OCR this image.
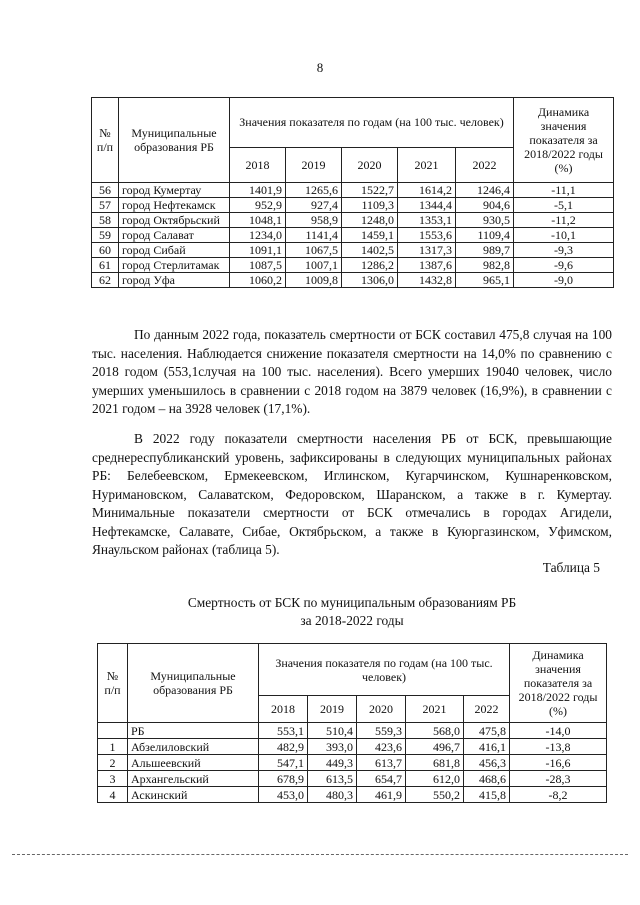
8
№ п/п	Муниципальные образования РБ	Значения показателя по годам (на 100 тыс. человек)					Динамика значения показателя за 2018/2022 годы (%)
		2018	2019	2020	2021	2022	
56	город Кумертау	1401,9	1265,6	1522,7	1614,2	1246,4	-11,1
57	город Нефтекамск	952,9	927,4	1109,3	1344,4	904,6	-5,1
58	город Октябрьский	1048,1	958,9	1248,0	1353,1	930,5	-11,2
59	город Салават	1234,0	1141,4	1459,1	1553,6	1109,4	-10,1
60	город Сибай	1091,1	1067,5	1402,5	1317,3	989,7	-9,3
61	город Стерлитамак	1087,5	1007,1	1286,2	1387,6	982,8	-9,6
62	город Уфа	1060,2	1009,8	1306,0	1432,8	965,1	-9,0

По данным 2022 года, показатель смертности от БСК составил 475,8 случая на 100 тыс. населения. Наблюдается снижение показателя смертности на 14,0% по сравнению с 2018 годом (553,1случая на 100 тыс. населения). Всего умерших 19040 человек, число умерших уменьшилось в сравнении с 2018 годом на 3879 человек (16,9%), в сравнении с 2021 годом – на 3928 человек (17,1%).

В 2022 году показатели смертности населения РБ от БСК, превышающие среднереспубликанский уровень, зафиксированы в следующих муниципальных районах РБ: Белебеевском, Ермекеевском, Иглинском, Кугарчинском, Кушнаренковском, Нуримановском, Салаватском, Федоровском, Шаранском, а также в г. Кумертау. Минимальные показатели смертности от БСК отмечались в городах Агидели, Нефтекамске, Салавате, Сибае, Октябрьском, а также в Куюргазинском, Уфимском, Янаульском районах (таблица 5).

Таблица 5
Смертность от БСК по муниципальным образованиям РБ
за 2018-2022 годы
№ п/п	Муниципальные образования РБ	Значения показателя по годам (на 100 тыс. человек)					Динамика значения показателя за 2018/2022 годы (%)
		2018	2019	2020	2021	2022	
	РБ	553,1	510,4	559,3	568,0	475,8	-14,0
1	Абзелиловский	482,9	393,0	423,6	496,7	416,1	-13,8
2	Альшеевский	547,1	449,3	613,7	681,8	456,3	-16,6
3	Архангельский	678,9	613,5	654,7	612,0	468,6	-28,3
4	Аскинский	453,0	480,3	461,9	550,2	415,8	-8,2
